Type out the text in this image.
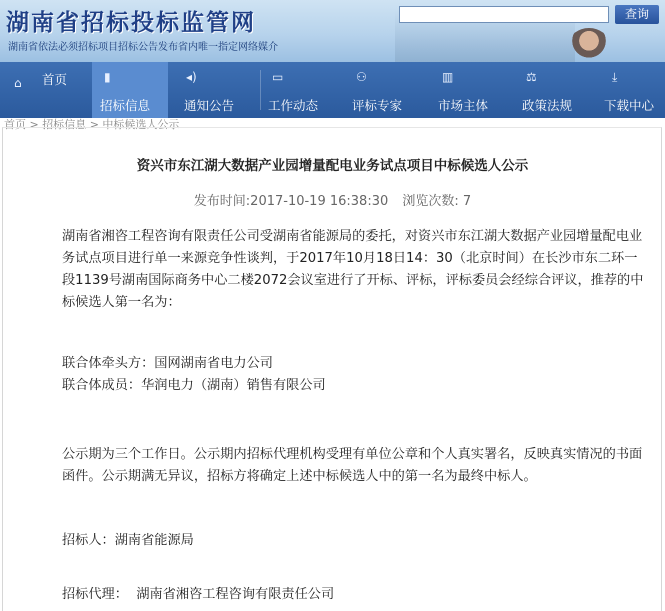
湖南省招标投标监管网
湖南省依法必须招标项目招标公告发布省内唯一指定网络媒介
查询
⌂ 首页	▮
招标信息
◂)
通知公告
▭
工作动态
⚇
评标专家
▥
市场主体
⚖
政策法规
⤓
下载中心
首页 > 招标信息 > 中标候选人公示
资兴市东江湖大数据产业园增量配电业务试点项目中标候选人公示
发布时间:2017-10-19 16:38:30 浏览次数: 7
湖南省湘咨工程咨询有限责任公司受湖南省能源局的委托，对资兴市东江湖大数据产业园增量配电业务试点项目进行单一来源竞争性谈判，于2017年10月18日14：30（北京时间）在长沙市东二环一段1139号湖南国际商务中心二楼2072会议室进行了开标、评标，评标委员会经综合评议，推荐的中标候选人第一名为：
联合体牵头方：国网湖南省电力公司
联合体成员：华润电力（湖南）销售有限公司
公示期为三个工作日。公示期内招标代理机构受理有单位公章和个人真实署名，反映真实情况的书面函件。公示期满无异议，招标方将确定上述中标候选人中的第一名为最终中标人。
招标人：湖南省能源局
招标代理：  湖南省湘咨工程咨询有限责任公司
